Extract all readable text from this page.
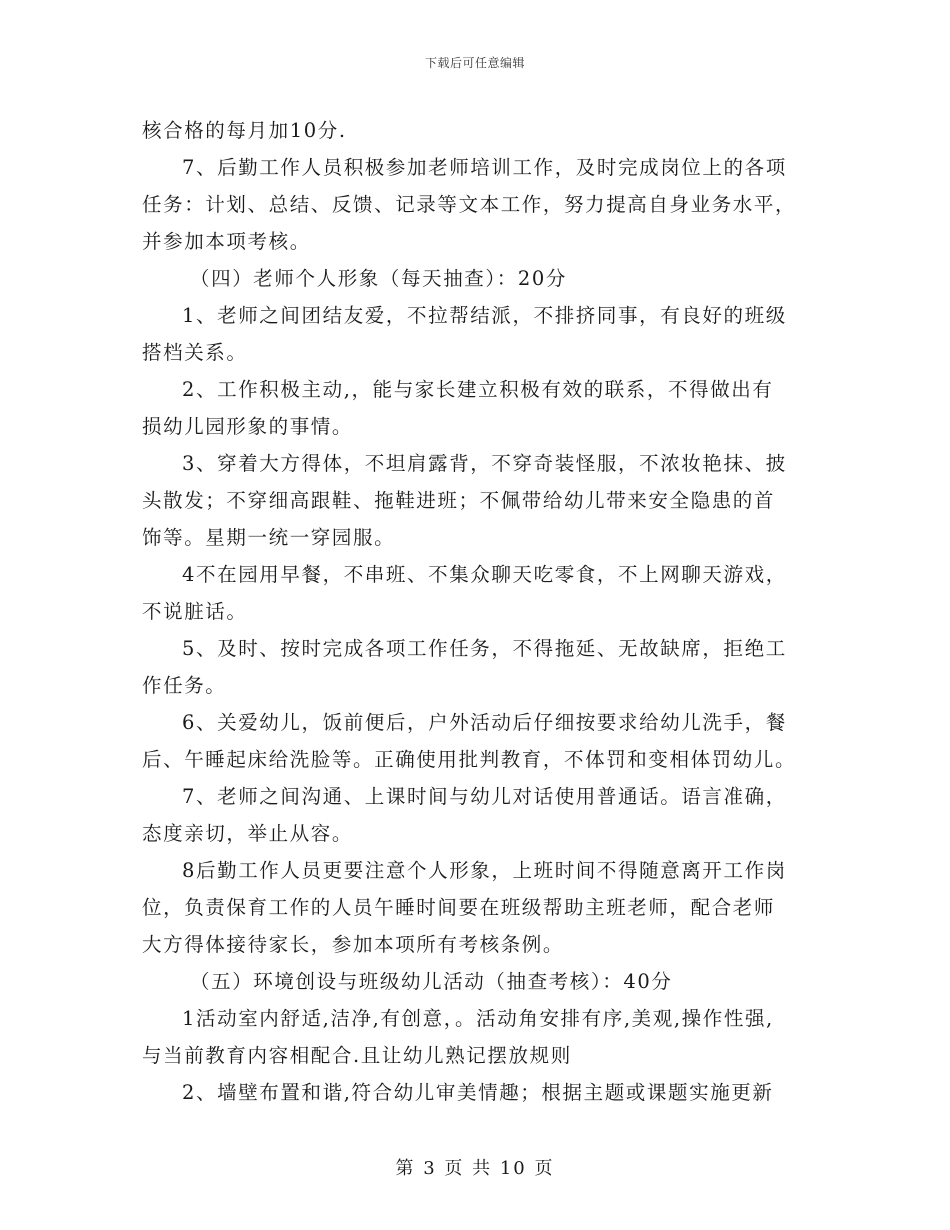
下载后可任意编辑
核合格的每月加10分.
7、后勤工作人员积极参加老师培训工作，及时完成岗位上的各项
任务：计划、总结、反馈、记录等文本工作，努力提高自身业务水平，
并参加本项考核。
（四）老师个人形象（每天抽查）：20分
1、老师之间团结友爱，不拉帮结派，不排挤同事，有良好的班级
搭档关系。
2、工作积极主动,，能与家长建立积极有效的联系，不得做出有
损幼儿园形象的事情。
3、穿着大方得体，不坦肩露背，不穿奇装怪服，不浓妆艳抹、披
头散发；不穿细高跟鞋、拖鞋进班；不佩带给幼儿带来安全隐患的首
饰等。星期一统一穿园服。
4不在园用早餐，不串班、不集众聊天吃零食，不上网聊天游戏，
不说脏话。
5、及时、按时完成各项工作任务，不得拖延、无故缺席，拒绝工
作任务。
6、关爱幼儿，饭前便后，户外活动后仔细按要求给幼儿洗手，餐
后、午睡起床给洗脸等。正确使用批判教育，不体罚和变相体罚幼儿。
7、老师之间沟通、上课时间与幼儿对话使用普通话。语言准确，
态度亲切，举止从容。
8后勤工作人员更要注意个人形象，上班时间不得随意离开工作岗
位，负责保育工作的人员午睡时间要在班级帮助主班老师，配合老师
大方得体接待家长，参加本项所有考核条例。
（五）环境创设与班级幼儿活动（抽查考核）：40分
1活动室内舒适,洁净,有创意，。活动角安排有序,美观,操作性强,
与当前教育内容相配合.且让幼儿熟记摆放规则
2、墙壁布置和谐,符合幼儿审美情趣；根据主题或课题实施更新
第 3 页 共 10 页
